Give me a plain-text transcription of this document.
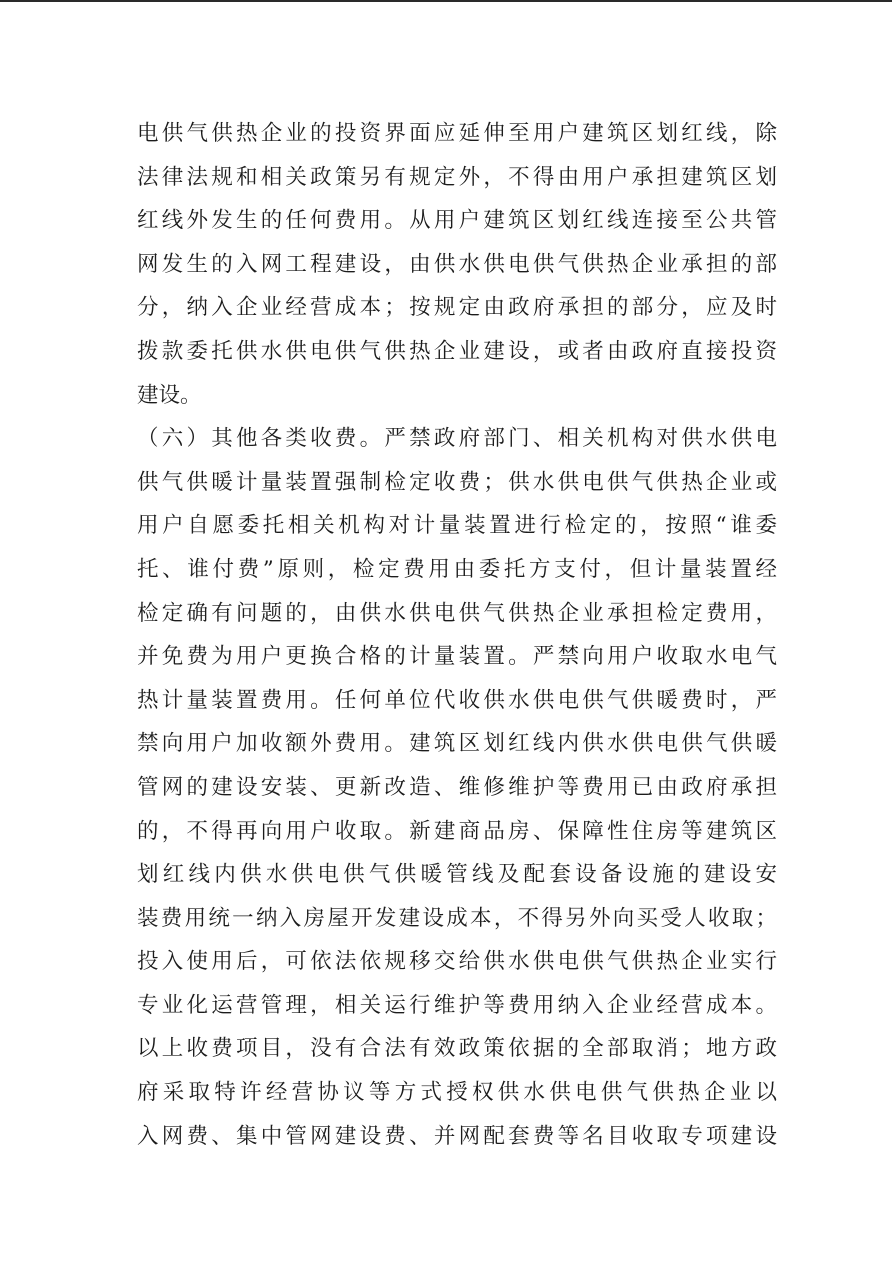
电供气供热企业的投资界面应延伸至用户建筑区划红线，除
法律法规和相关政策另有规定外，不得由用户承担建筑区划
红线外发生的任何费用。从用户建筑区划红线连接至公共管
网发生的入网工程建设，由供水供电供气供热企业承担的部
分，纳入企业经营成本；按规定由政府承担的部分，应及时
拨款委托供水供电供气供热企业建设，或者由政府直接投资
建设。
（六）其他各类收费。严禁政府部门、相关机构对供水供电
供气供暖计量装置强制检定收费；供水供电供气供热企业或
用户自愿委托相关机构对计量装置进行检定的，按照“谁委
托、谁付费”原则，检定费用由委托方支付，但计量装置经
检定确有问题的，由供水供电供气供热企业承担检定费用，
并免费为用户更换合格的计量装置。严禁向用户收取水电气
热计量装置费用。任何单位代收供水供电供气供暖费时，严
禁向用户加收额外费用。建筑区划红线内供水供电供气供暖
管网的建设安装、更新改造、维修维护等费用已由政府承担
的，不得再向用户收取。新建商品房、保障性住房等建筑区
划红线内供水供电供气供暖管线及配套设备设施的建设安
装费用统一纳入房屋开发建设成本，不得另外向买受人收取；
投入使用后，可依法依规移交给供水供电供气供热企业实行
专业化运营管理，相关运行维护等费用纳入企业经营成本。
以上收费项目，没有合法有效政策依据的全部取消；地方政
府采取特许经营协议等方式授权供水供电供气供热企业以
入网费、集中管网建设费、并网配套费等名目收取专项建设
